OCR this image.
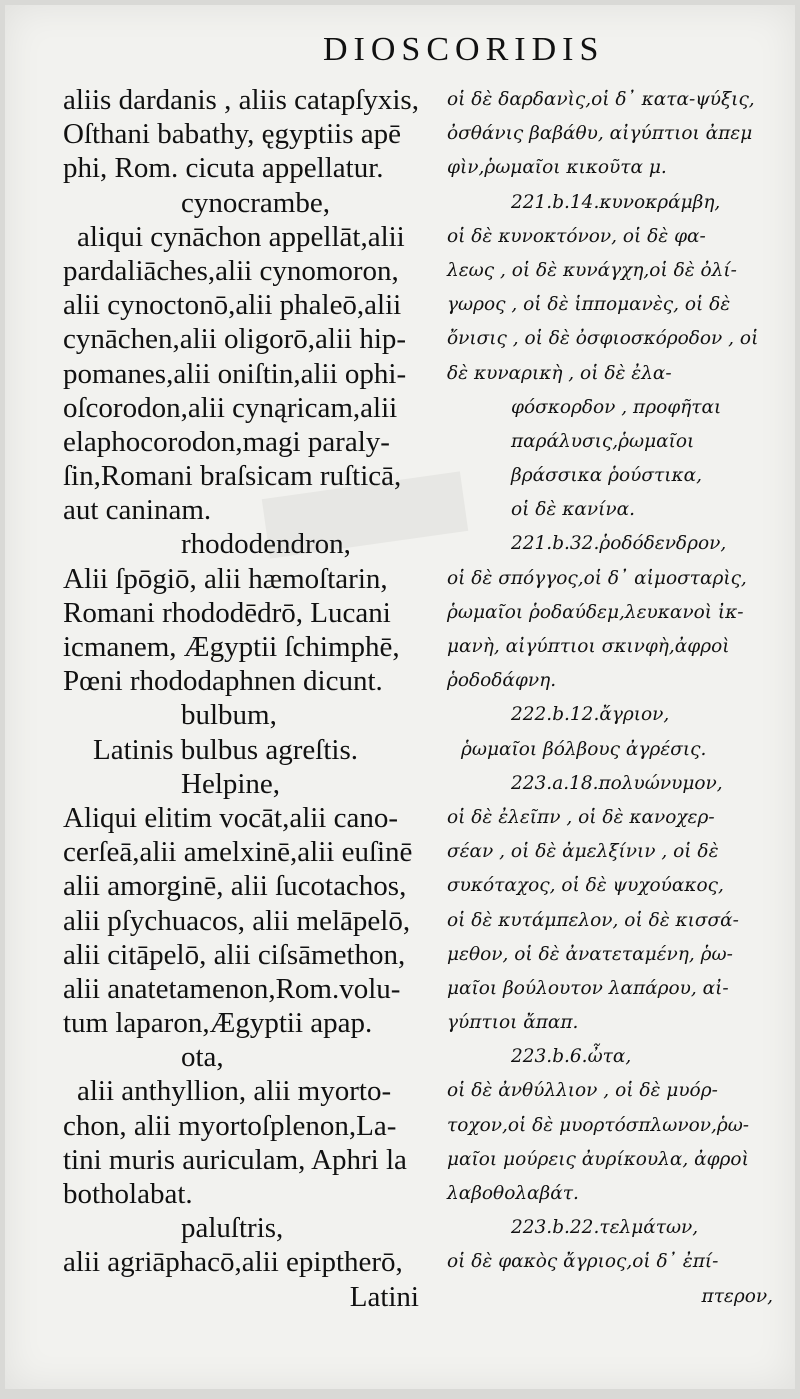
DIOSCORIDIS
aliis dardanis , aliis catapſyxis,
Oſthani babathy, ęgyptiis apē
phi, Rom. cicuta appellatur.
cynocrambe,
aliqui cynāchon appellāt,alii
pardaliāches,alii cynomoron,
alii cynoctonō,alii phaleō,alii
cynāchen,alii oligorō,alii hip-
pomanes,alii oniſtin,alii ophi-
oſcorodon,alii cynąricam,alii
elaphocorodon,magi paraly-
ſin,Romani braſsicam ruſticā,
aut caninam.
rhododendron,
Alii ſpōgiō, alii hæmoſtarin,
Romani rhododēdrō, Lucani
icmanem, Ægyptii ſchimphē,
Pœni rhododaphnen dicunt.
bulbum,
Latinis bulbus agreſtis.
Helpine,
Aliqui elitim vocāt,alii cano-
cerſeā,alii amelxinē,alii euſinē
alii amorginē, alii ſucotachos,
alii pſychuacos, alii melāpelō,
alii citāpelō, alii ciſsāmethon,
alii anatetamenon,Rom.volu-
tum laparon,Ægyptii apap.
ota,
alii anthyllion, alii myorto-
chon, alii myortoſplenon,La-
tini muris auriculam, Aphri la
botholabat.
paluſtris,
alii agriāphacō,alii epiptherō,
Latini
οἱ δὲ δαρδανὶς,οἱ δ᾽ κατα-ψύξις,
ὀσθάνις βαβάθυ, αἰγύπτιοι ἀπεμ
φὶν,ῥωμαῖοι κικοῦτα μ.
221.b.14.κυνοκράμβη,
οἱ δὲ κυνοκτόνον, οἱ δὲ φα-
λεως , οἱ δὲ κυνάγχη,οἱ δὲ ὀλί-
γωρος , οἱ δὲ ἱππομανὲς, οἱ δὲ
ὄνισις , οἱ δὲ ὀσφιοσκόροδον , οἱ
δὲ κυναρικὴ , οἱ δὲ ἐλα-
φόσκορδον , προφῆται
παράλυσις,ῥωμαῖοι
βράσσικα ῥούστικα,
οἱ δὲ κανίνα.
221.b.32.ῥοδόδενδρον,
οἱ δὲ σπόγγος,οἱ δ᾽ αἱμοσταρὶς,
ῥωμαῖοι ῥοδαύδεμ,λευκανοὶ ἰκ-
μανὴ, αἰγύπτιοι σκινφὴ,ἀφροὶ
ῥοδοδάφνη.
222.b.12.ἄγριον,
ῥωμαῖοι βόλβους ἀγρέσις.
223.a.18.πολυώνυμον,
οἱ δὲ ἐλεῖπν , οἱ δὲ κανοχερ-
σέαν , οἱ δὲ ἀμελξίνιν , οἱ δὲ
συκόταχος, οἱ δὲ ψυχούακος,
οἱ δὲ κυτάμπελον, οἱ δὲ κισσά-
μεθον, οἱ δὲ ἀνατεταμένη, ῥω-
μαῖοι βούλουτον λαπάρου, αἰ-
γύπτιοι ἄπαπ.
223.b.6.ὦτα,
οἱ δὲ ἀνθύλλιον , οἱ δὲ μυόρ-
τοχον,οἱ δὲ μυορτόσπλωνον,ῥω-
μαῖοι μούρεις ἀυρίκουλα, ἀφροὶ
λαβοθολαβάτ.
223.b.22.τελμάτων,
οἱ δὲ φακὸς ἄγριος,οἱ δ᾽ ἐπί-
πτερον,
